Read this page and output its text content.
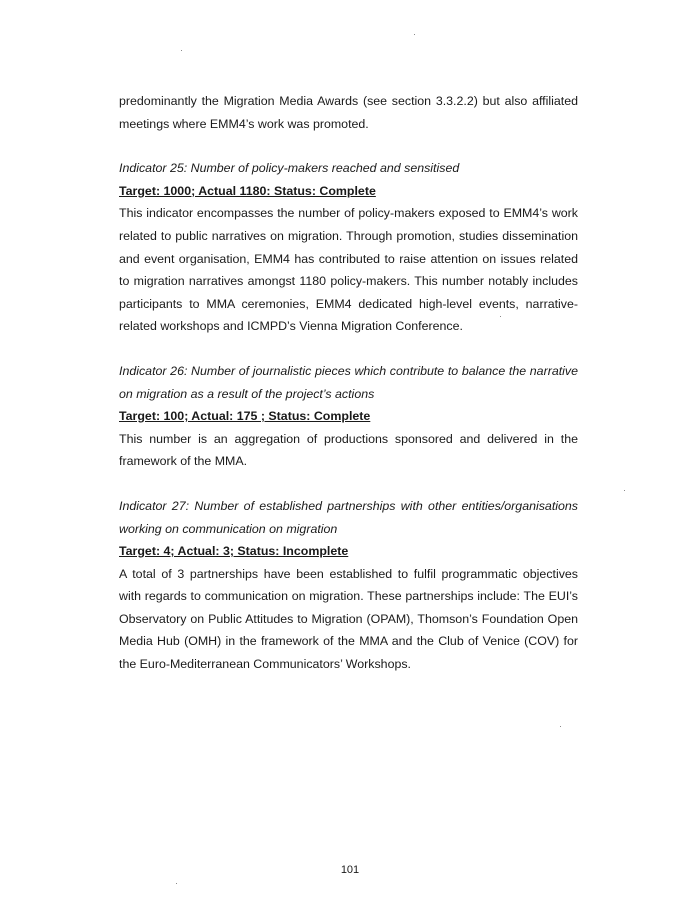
predominantly the Migration Media Awards (see section 3.3.2.2) but also affiliated meetings where EMM4’s work was promoted.

Indicator 25: Number of policy-makers reached and sensitised

Target: 1000; Actual 1180: Status: Complete

This indicator encompasses the number of policy-makers exposed to EMM4’s work related to public narratives on migration. Through promotion, studies dissemination and event organisation, EMM4 has contributed to raise attention on issues related to migration narratives amongst 1180 policy-makers. This number notably includes participants to MMA ceremonies, EMM4 dedicated high-level events, narrative-related workshops and ICMPD’s Vienna Migration Conference.

Indicator 26: Number of journalistic pieces which contribute to balance the narrative on migration as a result of the project’s actions

Target: 100; Actual: 175 ; Status: Complete

This number is an aggregation of productions sponsored and delivered in the framework of the MMA.

Indicator 27: Number of established partnerships with other entities/organisations working on communication on migration

Target: 4; Actual: 3; Status: Incomplete

A total of 3 partnerships have been established to fulfil programmatic objectives with regards to communication on migration. These partnerships include: The EUI’s Observatory on Public Attitudes to Migration (OPAM), Thomson’s Foundation Open Media Hub (OMH) in the framework of the MMA and the Club of Venice (COV) for the Euro-Mediterranean Communicators’ Workshops.

101
